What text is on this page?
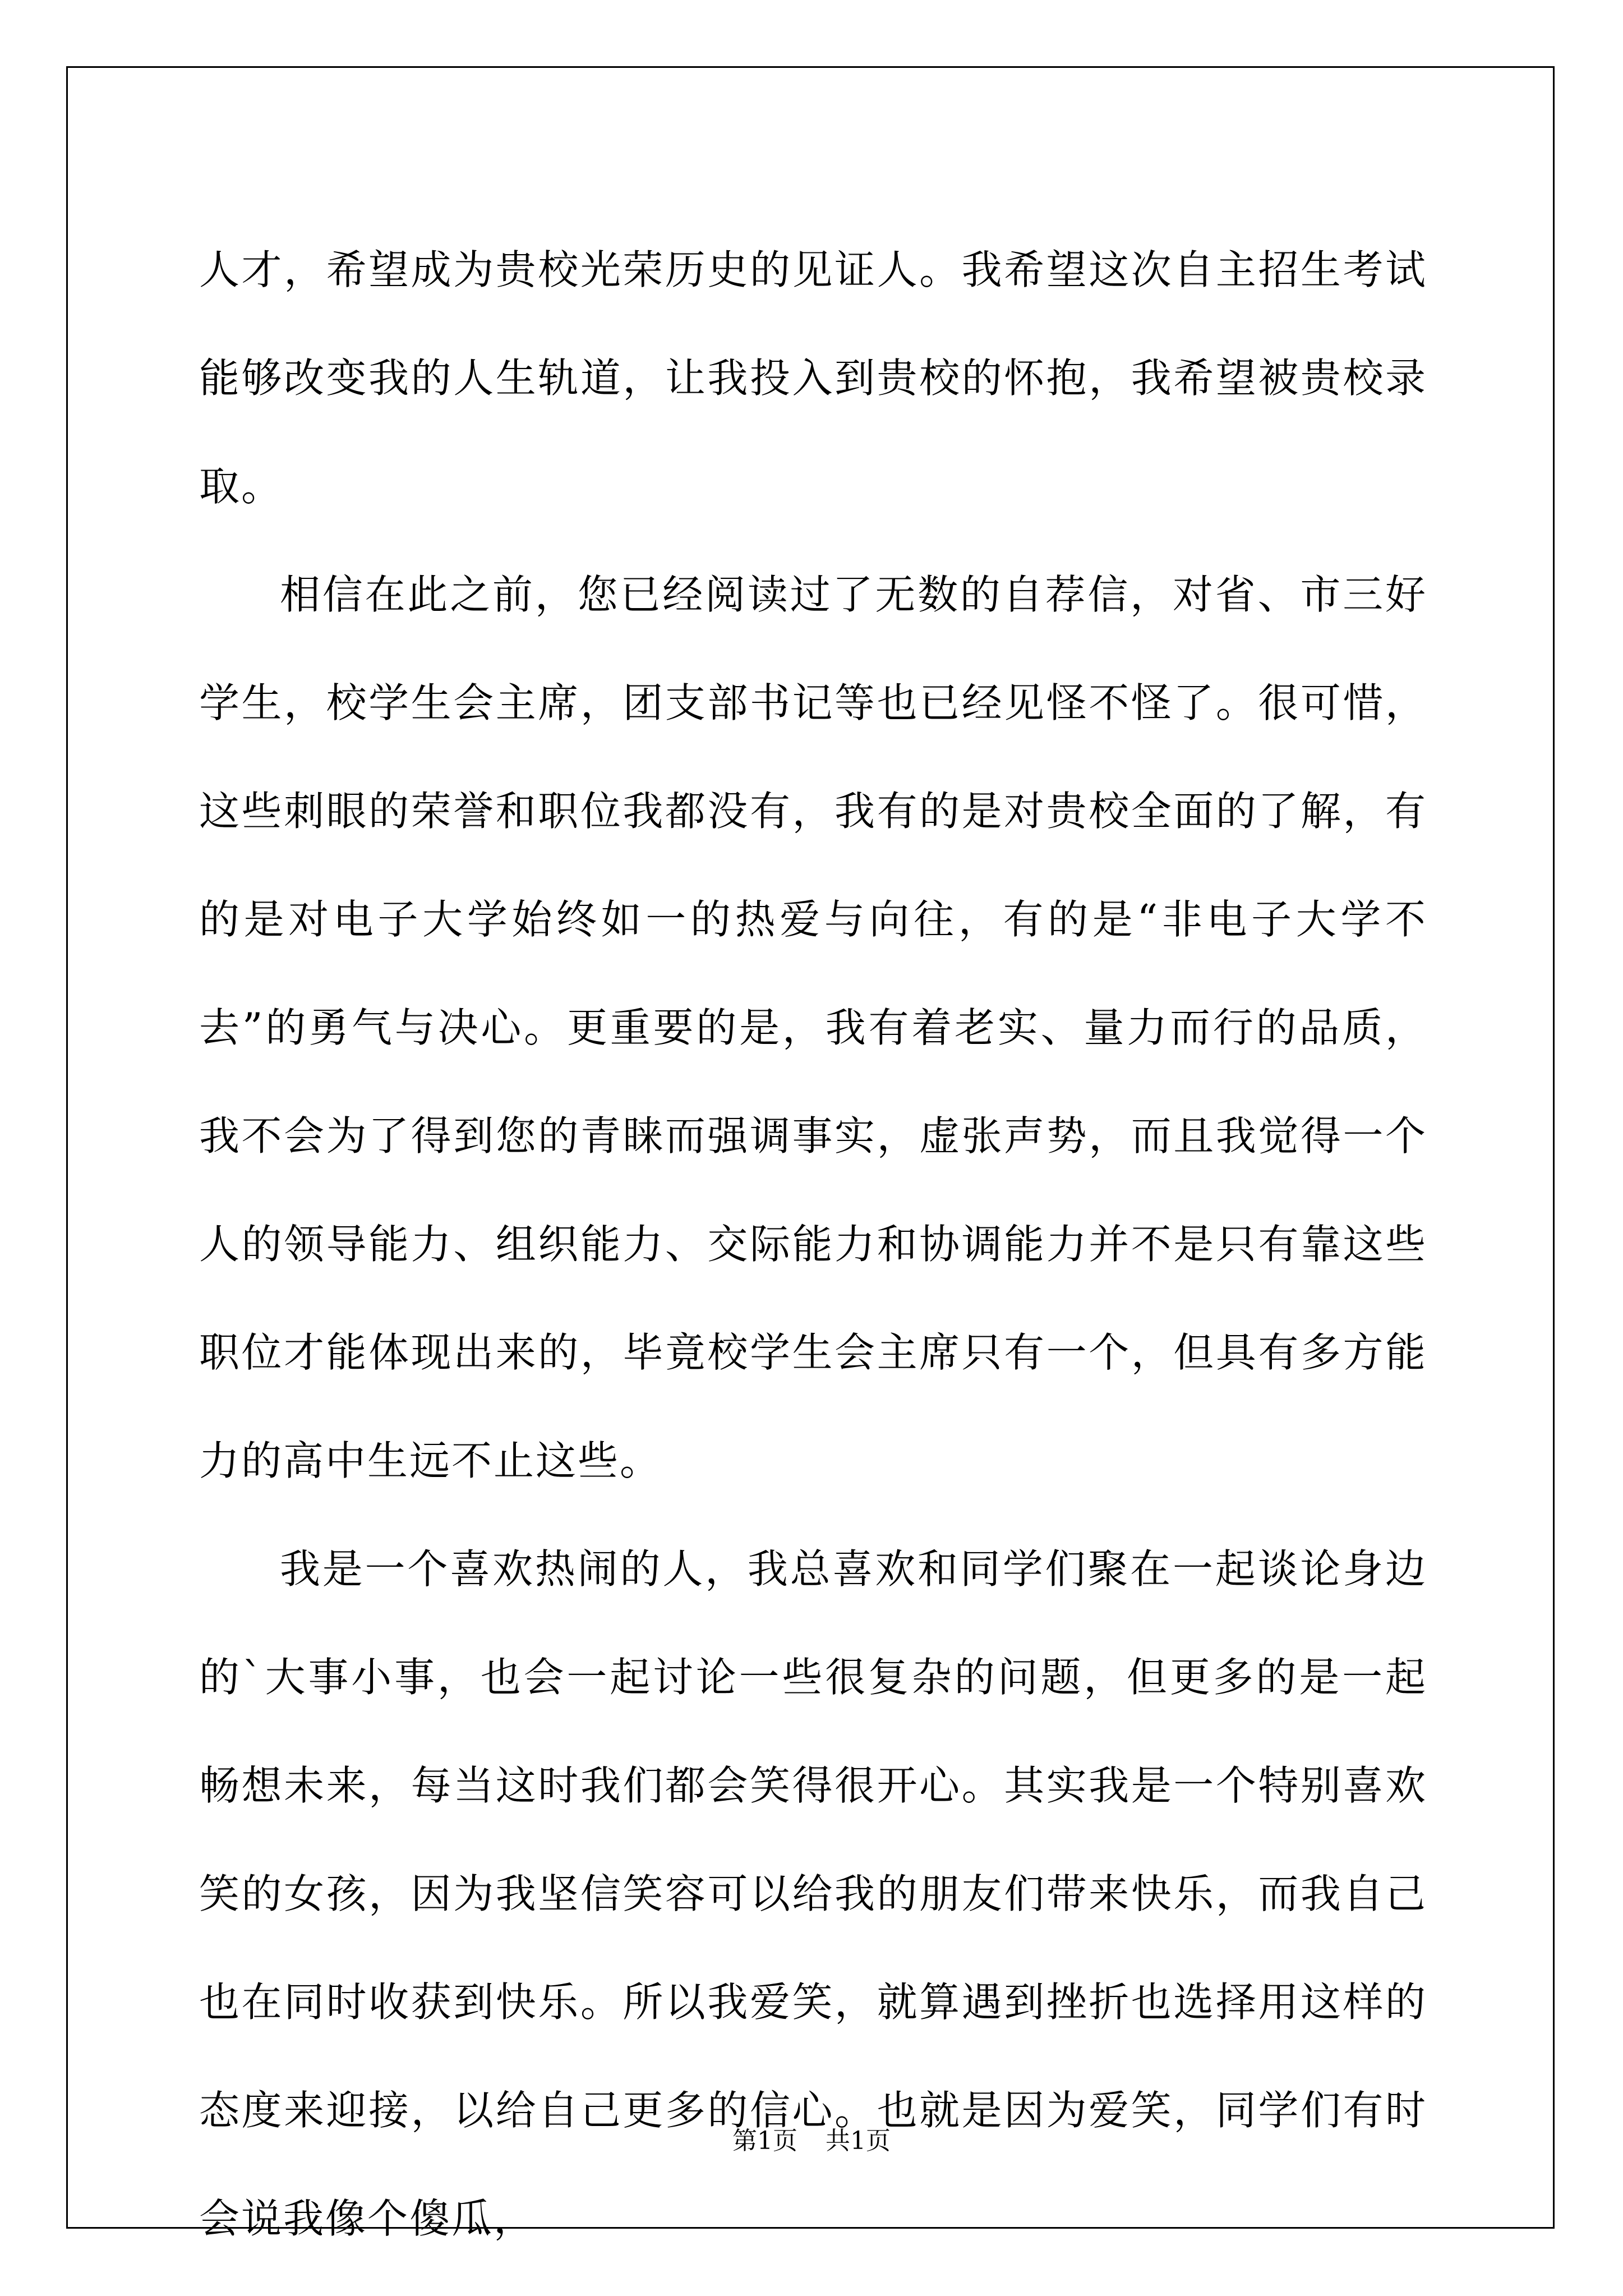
人才，希望成为贵校光荣历史的见证人。我希望这次自主招生考试能够改变我的人生轨道，让我投入到贵校的怀抱，我希望被贵校录取。

相信在此之前，您已经阅读过了无数的自荐信，对省、市三好学生，校学生会主席，团支部书记等也已经见怪不怪了。很可惜，这些刺眼的荣誉和职位我都没有，我有的是对贵校全面的了解，有的是对电子大学始终如一的热爱与向往，有的是“非电子大学不去”的勇气与决心。更重要的是，我有着老实、量力而行的品质，我不会为了得到您的青睐而强调事实，虚张声势，而且我觉得一个人的领导能力、组织能力、交际能力和协调能力并不是只有靠这些职位才能体现出来的，毕竟校学生会主席只有一个，但具有多方能力的高中生远不止这些。

我是一个喜欢热闹的人，我总喜欢和同学们聚在一起谈论身边的`大事小事，也会一起讨论一些很复杂的问题，但更多的是一起畅想未来，每当这时我们都会笑得很开心。其实我是一个特别喜欢笑的女孩，因为我坚信笑容可以给我的朋友们带来快乐，而我自己也在同时收获到快乐。所以我爱笑，就算遇到挫折也选择用这样的态度来迎接，以给自己更多的信心。也就是因为爱笑，同学们有时会说我像个傻瓜，

第1页 共1页
